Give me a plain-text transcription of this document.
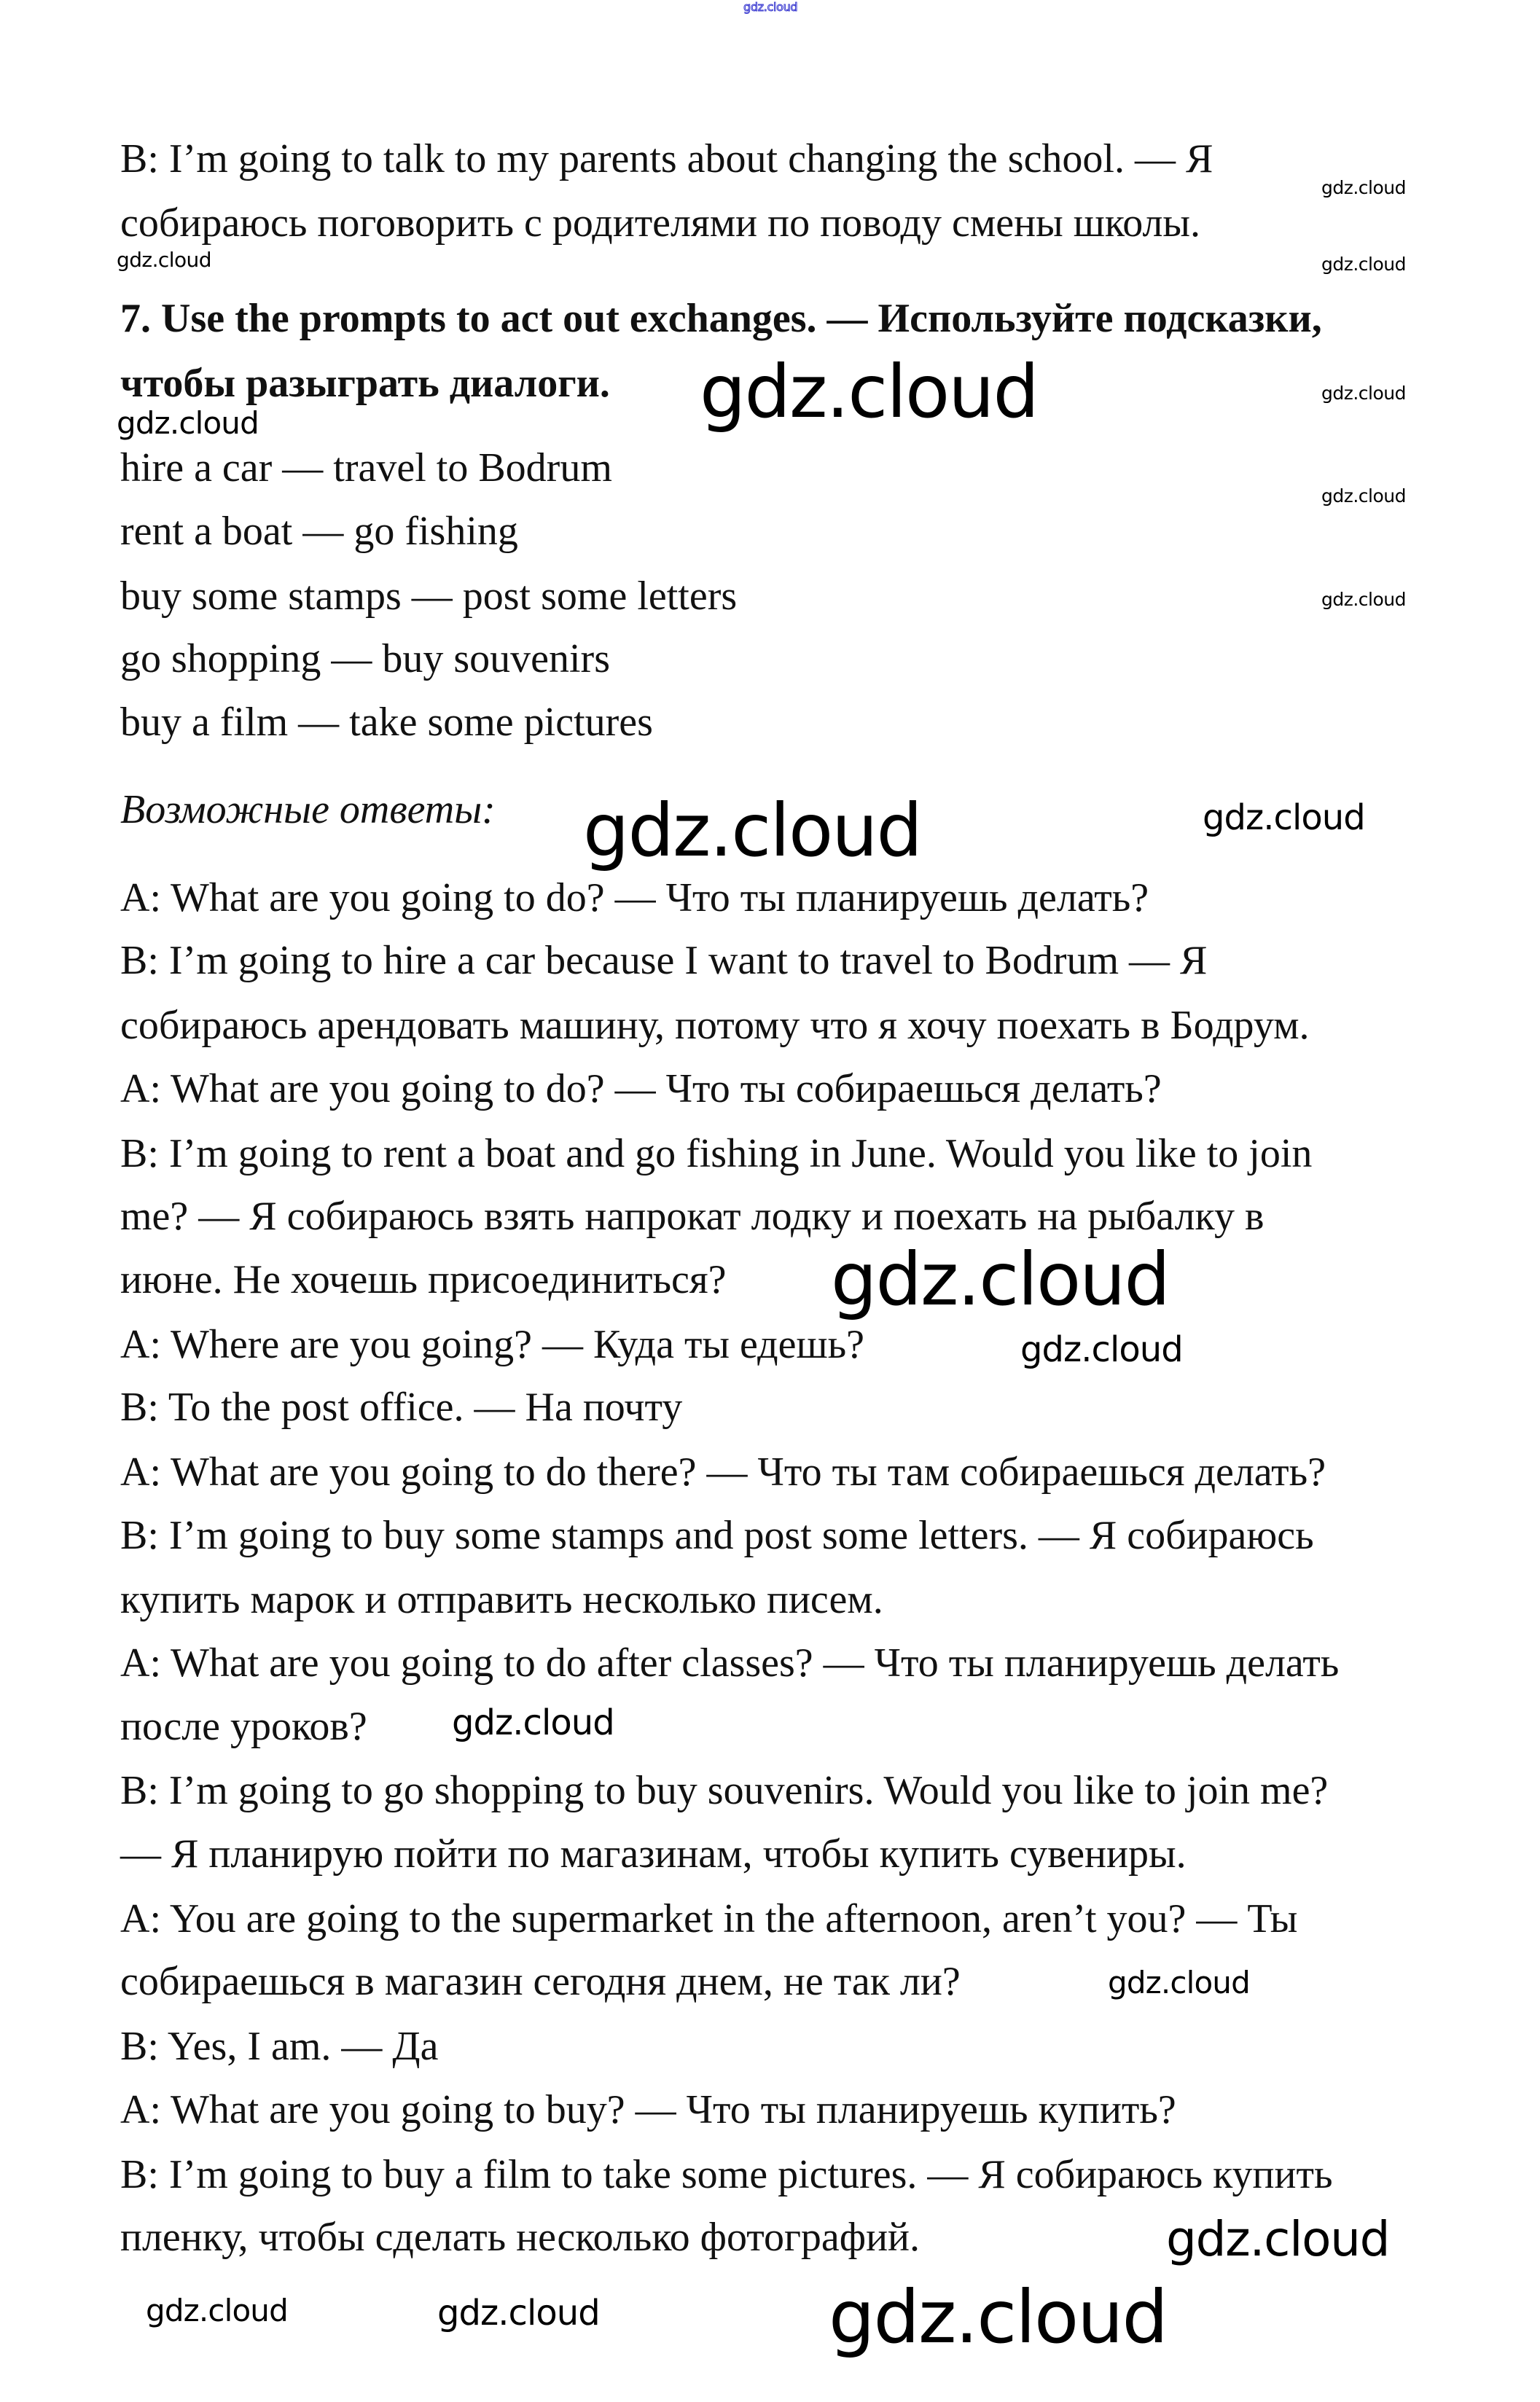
B: I’m going to talk to my parents about changing the school. — Я
собираюсь поговорить с родителями по поводу смены школы.
7. Use the prompts to act out exchanges. — Используйте подсказки,
чтобы разыграть диалоги.
hire a car — travel to Bodrum
rent a boat — go fishing
buy some stamps — post some letters
go shopping — buy souvenirs
buy a film — take some pictures
Возможные ответы:
A: What are you going to do? — Что ты планируешь делать?
B: I’m going to hire a car because I want to travel to Bodrum — Я
собираюсь арендовать машину, потому что я хочу поехать в Бодрум.
A: What are you going to do? — Что ты собираешься делать?
B: I’m going to rent a boat and go fishing in June. Would you like to join
me? — Я собираюсь взять напрокат лодку и поехать на рыбалку в
июне. Не хочешь присоединиться?
A: Where are you going? — Куда ты едешь?
B: To the post office. — На почту
A: What are you going to do there? — Что ты там собираешься делать?
B: I’m going to buy some stamps and post some letters. — Я собираюсь
купить марок и отправить несколько писем.
A: What are you going to do after classes? — Что ты планируешь делать
после уроков?
B: I’m going to go shopping to buy souvenirs. Would you like to join me?
— Я планирую пойти по магазинам, чтобы купить сувениры.
A: You are going to the supermarket in the afternoon, aren’t you? — Ты
собираешься в магазин сегодня днем, не так ли?
B: Yes, I am. — Да
A: What are you going to buy? — Что ты планируешь купить?
B: I’m going to buy a film to take some pictures. — Я собираюсь купить
пленку, чтобы сделать несколько фотографий.
gdz.cloud
gdz.cloud
gdz.cloud
gdz.cloud
gdz.cloud
gdz.cloud
gdz.cloud
gdz.cloud	gdz.cloud
gdz.cloud
gdz.cloud
gdz.cloud
gdz.cloud
gdz.cloud
gdz.cloud
gdz.cloud
gdz.cloud	gdz.cloud
gdz.cloud
